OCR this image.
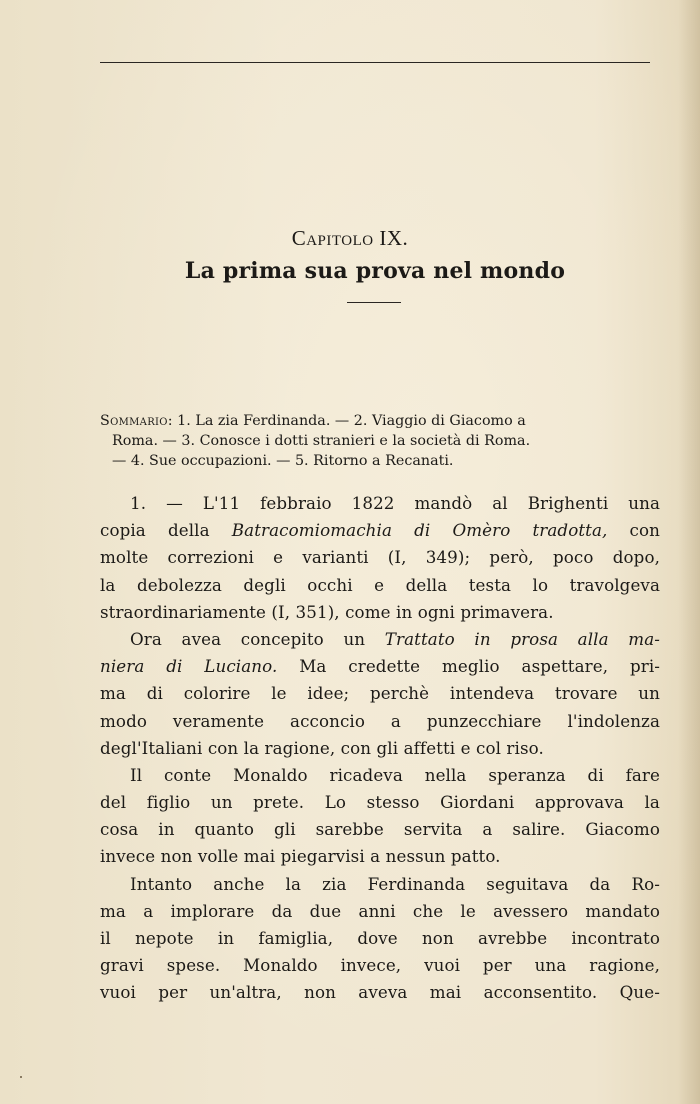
Capitolo IX.
La prima sua prova nel mondo
Sommario: 1. La zia Ferdinanda. — 2. Viaggio di Giacomo a
Roma. — 3. Conosce i dotti stranieri e la società di Roma.
— 4. Sue occupazioni. — 5. Ritorno a Recanati.
1. — L'11 febbraio 1822 mandò al Brighenti una
copia della Batracomiomachia di Omèro tradotta, con
molte correzioni e varianti (I, 349); però, poco dopo,
la debolezza degli occhi e della testa lo travolgeva
straordinariamente (I, 351), come in ogni primavera.
Ora avea concepito un Trattato in prosa alla ma-
niera di Luciano. Ma credette meglio aspettare, pri-
ma di colorire le idee; perchè intendeva trovare un
modo veramente acconcio a punzecchiare l'indolenza
degl'Italiani con la ragione, con gli affetti e col riso.
Il conte Monaldo ricadeva nella speranza di fare
del figlio un prete. Lo stesso Giordani approvava la
cosa in quanto gli sarebbe servita a salire. Giacomo
invece non volle mai piegarvisi a nessun patto.
Intanto anche la zia Ferdinanda seguitava da Ro-
ma a implorare da due anni che le avessero mandato
il nepote in famiglia, dove non avrebbe incontrato
gravi spese. Monaldo invece, vuoi per una ragione,
vuoi per un'altra, non aveva mai acconsentito. Que-
